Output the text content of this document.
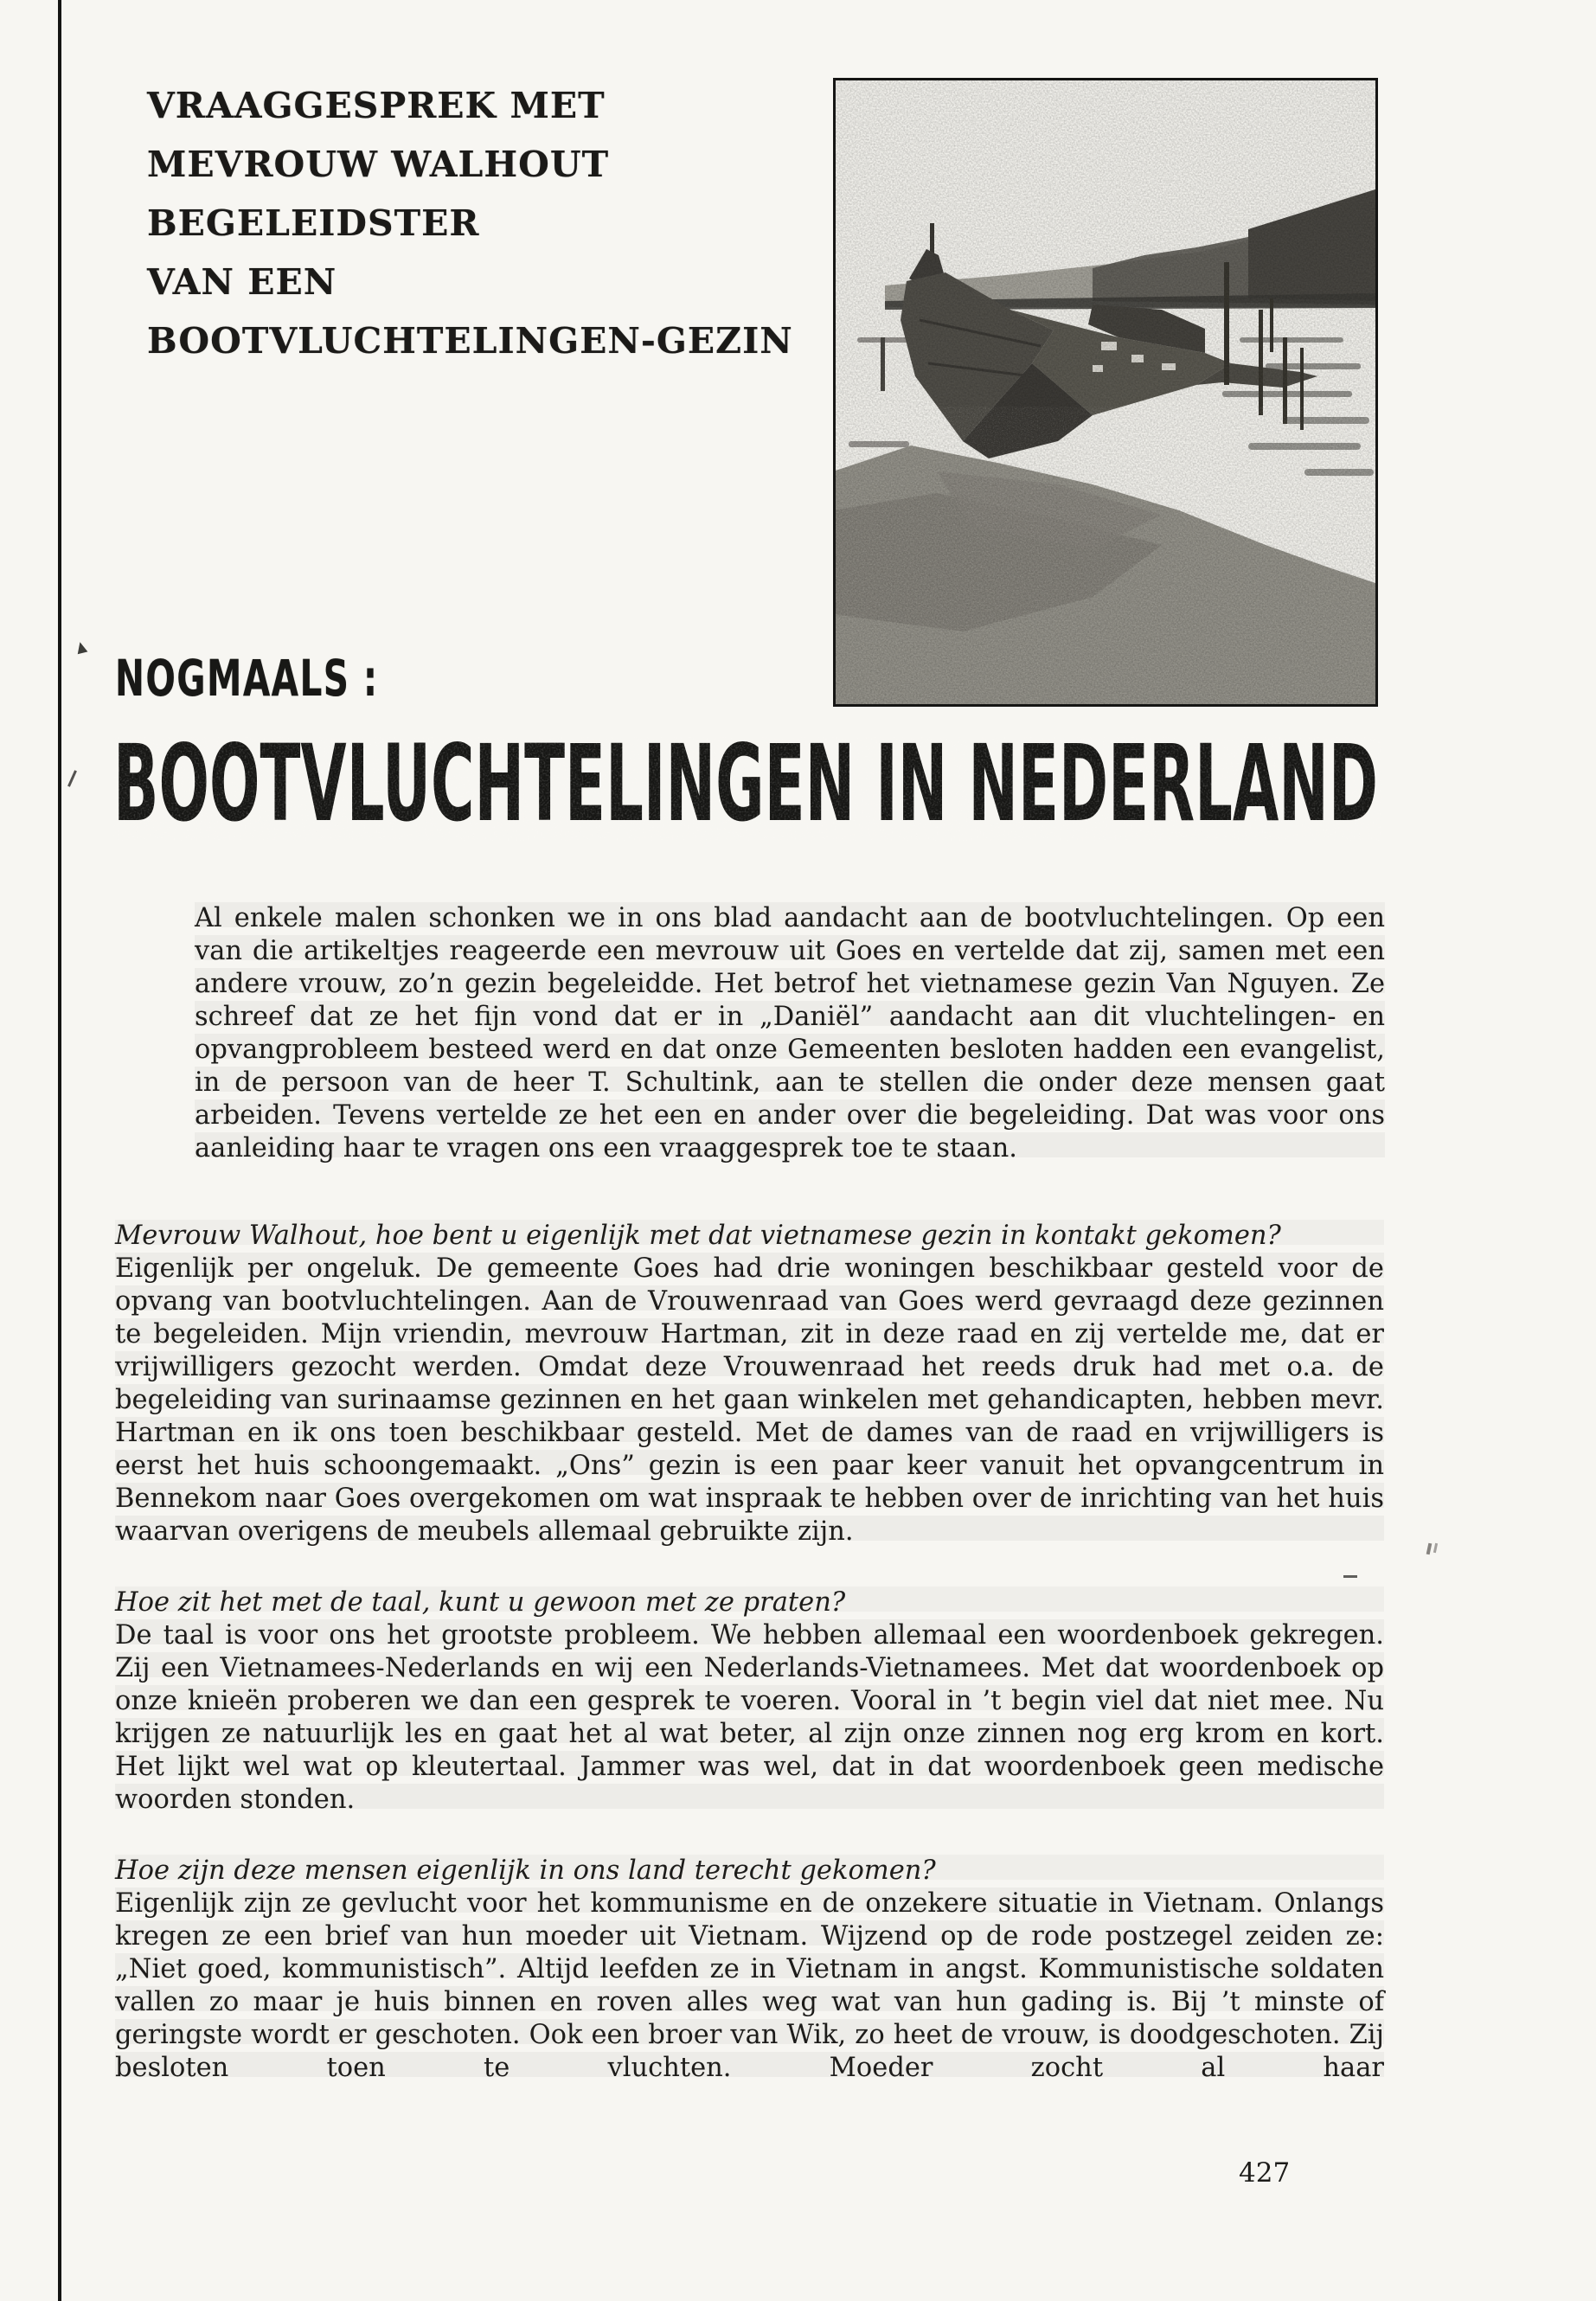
VRAAGGESPREK MET
MEVROUW WALHOUT
BEGELEIDSTER
VAN EEN
BOOTVLUCHTELINGEN-GEZIN
NOGMAALS :

Al enkele malen schonken we in ons blad aandacht aan de bootvluchtelingen. Op een van die artikeltjes reageerde een mevrouw uit Goes en vertelde dat zij, samen met een andere vrouw, zo’n gezin begeleidde. Het betrof het vietnamese gezin Van Nguyen. Ze schreef dat ze het fijn vond dat er in „Daniël” aandacht aan dit vluchtelingen- en opvangprobleem besteed werd en dat onze Gemeenten besloten hadden een evangelist, in de persoon van de heer T. Schultink, aan te stellen die onder deze mensen gaat arbeiden. Tevens vertelde ze het een en ander over die begeleiding. Dat was voor ons aanleiding haar te vragen ons een vraaggesprek toe te staan.

Mevrouw Walhout, hoe bent u eigenlijk met dat vietnamese gezin in kontakt gekomen?

Eigenlijk per ongeluk. De gemeente Goes had drie woningen beschikbaar gesteld voor de opvang van bootvluchtelingen. Aan de Vrouwenraad van Goes werd gevraagd deze gezinnen te begeleiden. Mijn vriendin, mevrouw Hartman, zit in deze raad en zij vertelde me, dat er vrijwilligers gezocht werden. Omdat deze Vrouwenraad het reeds druk had met o.a. de begeleiding van surinaamse gezinnen en het gaan winkelen met gehandicapten, hebben mevr. Hartman en ik ons toen beschikbaar gesteld. Met de dames van de raad en vrijwilligers is eerst het huis schoongemaakt. „Ons” gezin is een paar keer vanuit het opvangcentrum in Bennekom naar Goes overgekomen om wat inspraak te hebben over de inrichting van het huis waarvan overigens de meubels allemaal gebruikte zijn.

Hoe zit het met de taal, kunt u gewoon met ze praten?

De taal is voor ons het grootste probleem. We hebben allemaal een woordenboek gekregen. Zij een Vietnamees-Nederlands en wij een Nederlands-Vietnamees. Met dat woordenboek op onze knieën proberen we dan een gesprek te voeren. Vooral in ’t begin viel dat niet mee. Nu krijgen ze natuurlijk les en gaat het al wat beter, al zijn onze zinnen nog erg krom en kort. Het lijkt wel wat op kleutertaal. Jammer was wel, dat in dat woordenboek geen medische woorden stonden.

Hoe zijn deze mensen eigenlijk in ons land terecht gekomen?

Eigenlijk zijn ze gevlucht voor het kommunisme en de onzekere situatie in Vietnam. Onlangs kregen ze een brief van hun moeder uit Vietnam. Wijzend op de rode postzegel zeiden ze: „Niet goed, kommunistisch”. Altijd leefden ze in Vietnam in angst. Kommunistische soldaten vallen zo maar je huis binnen en roven alles weg wat van hun gading is. Bij ’t minste of geringste wordt er geschoten. Ook een broer van Wik, zo heet de vrouw, is doodgeschoten. Zij besloten toen te vluchten. Moeder zocht al haar

427
